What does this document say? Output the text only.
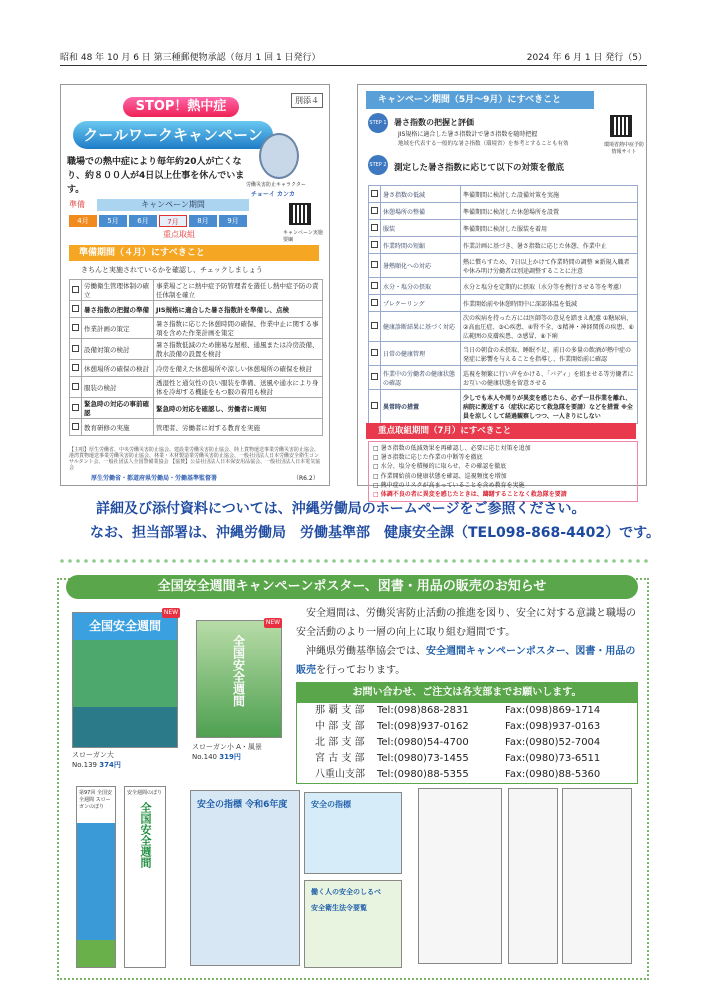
昭和 48 年 10 月 6 日 第三種郵便物承認（毎月 1 回 1 日発行）	2024 年 6 月 1 日 発行（5）
別添４
STOP！熱中症
クールワークキャンペーン
職場での熱中症により毎年約20人が亡くなり、約８００人が4日以上仕事を休んでいます。	労働災害防止キャラクター
チョーイ カンカ
キャンペーン実施要綱
準備	キャンペーン期間
4月	5月	6月	7月	8月	9月
重点取組
準備期間（４月）にすべきこと
きちんと実施されているかを確認し、チェックしましょう
	労働衛生管理体制の確立	事業場ごとに熱中症予防管理者を選任し熱中症予防の責任体制を確立
	暑さ指数の把握の準備	JIS規格に適合した暑さ指数計を準備し、点検
	作業計画の策定	暑さ指数に応じた休憩時間の確保、作業中止に関する事項を含めた作業計画を策定
	設備対策の検討	暑さ指数低減のため簡易な屋根、通風または冷房設備、散水設備の設置を検討
	休憩場所の確保の検討	冷房を備えた休憩場所や涼しい休憩場所の確保を検討
	服装の検討	透湿性と通気性の良い服装を準備、送風や通水により身体を冷却する機能をもつ服の着用も検討
	緊急時の対応の事前確認	緊急時の対応を確認し、労働者に周知
	教育研修の実施	管理者、労働者に対する教育を実施
【主唱】厚生労働省、中央労働災害防止協会、建設業労働災害防止協会、陸上貨物運送事業労働災害防止協会、港湾貨物運送事業労働災害防止協会、林業・木材製造業労働災害防止協会、一般社団法人日本労働安全衛生コンサルタント会、一般社団法人全国警備業協会 【協賛】公益社団法人日本保安用品協会、一般社団法人日本電気協会
厚生労働省・都道府県労働局・労働基準監督署	（R6.2）
キャンペーン期間（5月～9月）にすべきこと
環境省熱中症予防情報サイト
STEP 1 暑さ指数の把握と評価
JIS規格に適合した暑さ指数計で暑さ指数を随時把握
地域を代表する一般的な暑さ指数（環境省）を参考とすることも有効
STEP 2 測定した暑さ指数に応じて以下の対策を徹底
	暑さ指数の低減	準備期間に検討した設備対策を実施
	休憩場所の整備	準備期間に検討した休憩場所を設置
	服装	準備期間に検討した服装を着用
	作業時間の短縮	作業計画に基づき、暑さ指数に応じた休憩、作業中止
	暑熱順化への対応	熱に慣らすため、7日以上かけて作業時間の調整 ※新規入職者や休み明け労働者は別途調整することに注意
	水分・塩分の摂取	水分と塩分を定期的に摂取（水分等を携行させる等を考慮）
	プレクーリング	作業開始前や休憩時間中に深部体温を低減
	健康診断結果に基づく対応	次の疾病を持った方には医師等の意見を踏まえ配慮 ①糖尿病、②高血圧症、③心疾患、④腎不全、⑤精神・神経関係の疾患、⑥広範囲の皮膚疾患、⑦感冒、⑧下痢
	日常の健康管理	当日の朝食の未摂取、睡眠不足、前日の多量の飲酒が熱中症の発症に影響を与えることを指導し、作業開始前に確認
	作業中の労働者の健康状態の確認	巡視を頻繁に行い声をかける、「バディ」を組ませる等労働者にお互いの健康状態を留意させる
	異常時の措置	少しでも本人や周りが異変を感じたら、必ず一旦作業を離れ、病院に搬送する（症状に応じて救急隊を要請）などを措置 ※全員を涼しくして経過観察しつつ、一人きりにしない
重点取組期間（7月）にすべきこと
□ 暑さ指数の低減効果を再確認し、必要に応じ対策を追加
□ 暑さ指数に応じた作業の中断等を徹底
□ 水分、塩分を積極的に取らせ、その確認を徹底
□ 作業開始前の健康状態を確認、巡視頻度を増加
□ 熱中症のリスクが高まっていることを含め教育を実施
□ 体調不良の者に異変を感じたときは、躊躇することなく救急隊を要請
詳細及び添付資料については、沖縄労働局のホームページをご参照ください。
なお、担当部署は、沖縄労働局　労働基準部　健康安全課（TEL098-868-4402）です。
全国安全週間キャンペーンポスター、図書・用品の販売のお知らせ
全国安全週間
NEW
スローガン大
No.139 374円
全国安全週間
NEW
スローガン小 A・風景
No.140 319円
安全週間は、労働災害防止活動の推進を図り、安全に対する意識と職場の安全活動のより一層の向上に取り組む週間です。
沖縄県労働基準協会では、安全週間キャンペーンポスター、図書・用品の販売を行っております。
お問い合わせ、ご注文は各支部までお願いします。
那 覇 支 部	Tel:(098)868-2831	Fax:(098)869-1714
中 部 支 部	Tel:(098)937-0162	Fax:(098)937-0163
北 部 支 部	Tel:(0980)54-4700	Fax:(0980)52-7004
宮 古 支 部	Tel:(0980)73-1455	Fax:(0980)73-6511
八重山支部	Tel:(0980)88-5355	Fax:(0980)88-5360
第97回 全国安全週間 スローガンのぼり
安全週間のぼり
全国安全週間	安全の指標 令和6年度	安全の指標
働く人の安全のしるべ
安全衛生法令要覧
